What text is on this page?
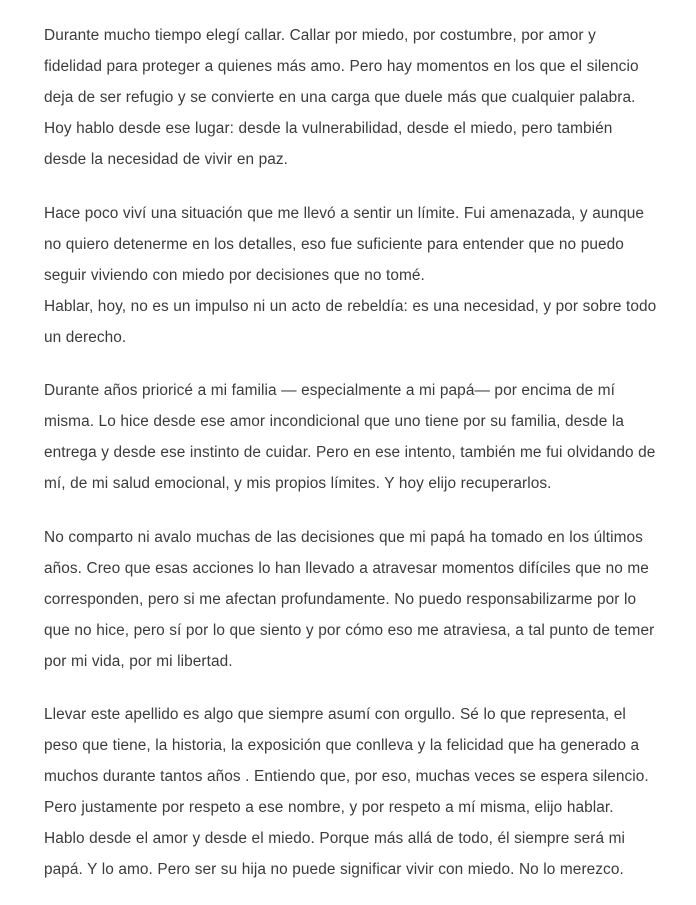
Durante mucho tiempo elegí callar. Callar por miedo, por costumbre, por amor y fidelidad para proteger a quienes más amo. Pero hay momentos en los que el silencio deja de ser refugio y se convierte en una carga que duele más que cualquier palabra.
Hoy hablo desde ese lugar: desde la vulnerabilidad, desde el miedo, pero también desde la necesidad de vivir en paz.

Hace poco viví una situación que me llevó a sentir un límite. Fui amenazada, y aunque no quiero detenerme en los detalles, eso fue suficiente para entender que no puedo seguir viviendo con miedo por decisiones que no tomé.
Hablar, hoy, no es un impulso ni un acto de rebeldía: es una necesidad, y por sobre todo un derecho.

Durante años prioricé a mi familia — especialmente a mi papá— por encima de mí misma. Lo hice desde ese amor incondicional que uno tiene por su familia, desde la entrega y desde ese instinto de cuidar. Pero en ese intento, también me fui olvidando de mí, de mi salud emocional, y mis propios límites. Y hoy elijo recuperarlos.

No comparto ni avalo muchas de las decisiones que mi papá ha tomado en los últimos años. Creo que esas acciones lo han llevado a atravesar momentos difíciles que no me corresponden, pero si me afectan profundamente. No puedo responsabilizarme por lo que no hice, pero sí por lo que siento y por cómo eso me atraviesa, a tal punto de temer por mi vida, por mi libertad.

Llevar este apellido es algo que siempre asumí con orgullo. Sé lo que representa, el peso que tiene, la historia, la exposición que conlleva y la felicidad que ha generado a muchos durante tantos años . Entiendo que, por eso, muchas veces se espera silencio. Pero justamente por respeto a ese nombre, y por respeto a mí misma, elijo hablar.
Hablo desde el amor y desde el miedo. Porque más allá de todo, él siempre será mi papá. Y lo amo. Pero ser su hija no puede significar vivir con miedo. No lo merezco.
